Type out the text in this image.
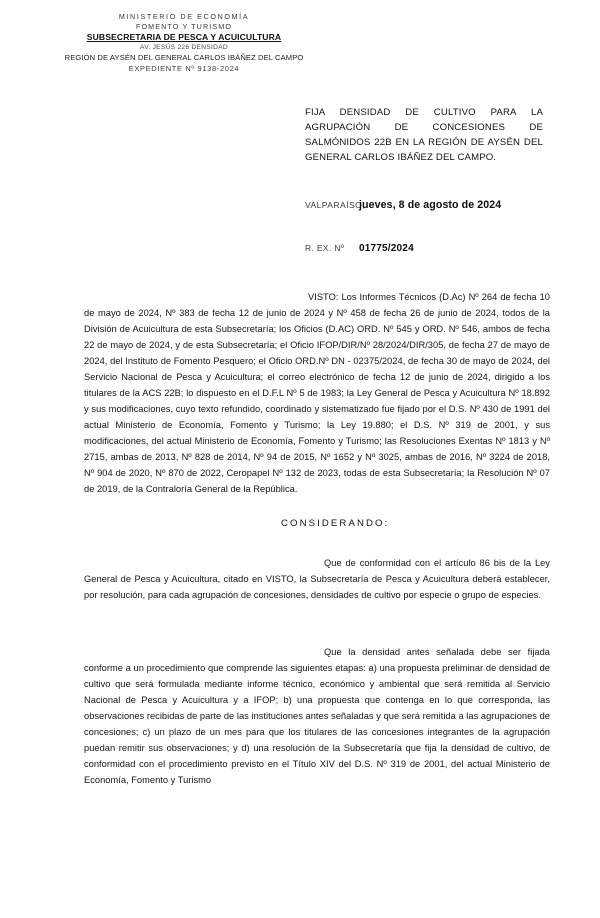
MINISTERIO DE ECONOMÍA
FOMENTO Y TURISMO
SUBSECRETARIA DE PESCA Y ACUICULTURA
AV. JESÚS 226 DENSIDAD
REGIÓN DE AYSÉN DEL GENERAL CARLOS IBÁÑEZ DEL CAMPO
EXPEDIENTE Nº 9138-2024
FIJA DENSIDAD DE CULTIVO PARA LA AGRUPACIÓN DE CONCESIONES DE SALMÓNIDOS 22B EN LA REGIÓN DE AYSÉN DEL GENERAL CARLOS IBÁÑEZ DEL CAMPO.
VALPARAÍSO,
jueves, 8 de agosto de 2024
R. EX. Nº	01775/2024

VISTO: Los Informes Técnicos (D.Ac) Nº 264 de fecha 10 de mayo de 2024, Nº 383 de fecha 12 de junio de 2024 y Nº 458 de fecha 26 de junio de 2024, todos de la División de Acuicultura de esta Subsecretaría; los Oficios (D.AC) ORD. Nº 545 y ORD. Nº 546, ambos de fecha 22 de mayo de 2024, y de esta Subsecretaría; el Oficio IFOP/DIR/Nº 28/2024/DIR/305, de fecha 27 de mayo de 2024, del Instituto de Fomento Pesquero; el Oficio ORD.Nº DN - 02375/2024, de fecha 30 de mayo de 2024, del Servicio Nacional de Pesca y Acuicultura; el correo electrónico de fecha 12 de junio de 2024, dirigido a los titulares de la ACS 22B; lo dispuesto en el D.F.L Nº 5 de 1983; la Ley General de Pesca y Acuicultura Nº 18.892 y sus modificaciones, cuyo texto refundido, coordinado y sistematizado fue fijado por el D.S. Nº 430 de 1991 del actual Ministerio de Economía, Fomento y Turismo; la Ley 19.880; el D.S. Nº 319 de 2001, y sus modificaciones, del actual Ministerio de Economía, Fomento y Turismo; las Resoluciones Exentas Nº 1813 y Nº 2715, ambas de 2013, Nº 828 de 2014, Nº 94 de 2015, Nº 1652 y Nº 3025, ambas de 2016, Nº 3224 de 2018, Nº 904 de 2020, Nº 870 de 2022, Ceropapel Nº 132 de 2023, todas de esta Subsecretaría; la Resolución Nº 07 de 2019, de la Contraloría General de la República.

CONSIDERANDO:

Que de conformidad con el artículo 86 bis de la Ley General de Pesca y Acuicultura, citado en VISTO, la Subsecretaría de Pesca y Acuicultura deberá establecer, por resolución, para cada agrupación de concesiones, densidades de cultivo por especie o grupo de especies.

Que la densidad antes señalada debe ser fijada conforme a un procedimiento que comprende las siguientes etapas: a) una propuesta preliminar de densidad de cultivo que será formulada mediante informe técnico, económico y ambiental que será remitida al Servicio Nacional de Pesca y Acuicultura y a IFOP; b) una propuesta que contenga en lo que corresponda, las observaciones recibidas de parte de las instituciones antes señaladas y que será remitida a las agrupaciones de concesiones; c) un plazo de un mes para que los titulares de las concesiones integrantes de la agrupación puedan remitir sus observaciones; y d) una resolución de la Subsecretaría que fija la densidad de cultivo, de conformidad con el procedimiento previsto en el Título XIV del D.S. Nº 319 de 2001, del actual Ministerio de Economía, Fomento y Turismo
